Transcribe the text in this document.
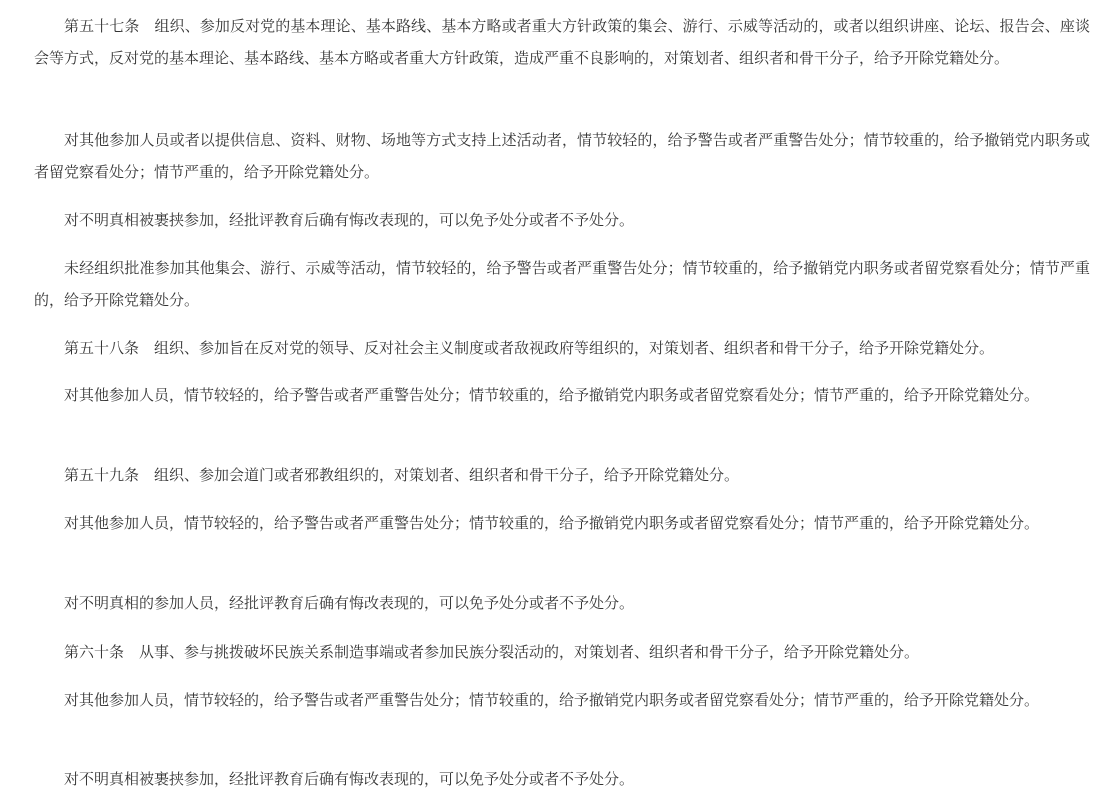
第五十七条　组织、参加反对党的基本理论、基本路线、基本方略或者重大方针政策的集会、游行、示威等活动的，或者以组织讲座、论坛、报告会、座谈会等方式，反对党的基本理论、基本路线、基本方略或者重大方针政策，造成严重不良影响的，对策划者、组织者和骨干分子，给予开除党籍处分。

对其他参加人员或者以提供信息、资料、财物、场地等方式支持上述活动者，情节较轻的，给予警告或者严重警告处分；情节较重的，给予撤销党内职务或者留党察看处分；情节严重的，给予开除党籍处分。

对不明真相被裹挟参加，经批评教育后确有悔改表现的，可以免予处分或者不予处分。

未经组织批准参加其他集会、游行、示威等活动，情节较轻的，给予警告或者严重警告处分；情节较重的，给予撤销党内职务或者留党察看处分；情节严重的，给予开除党籍处分。

第五十八条　组织、参加旨在反对党的领导、反对社会主义制度或者敌视政府等组织的，对策划者、组织者和骨干分子，给予开除党籍处分。

对其他参加人员，情节较轻的，给予警告或者严重警告处分；情节较重的，给予撤销党内职务或者留党察看处分；情节严重的，给予开除党籍处分。

第五十九条　组织、参加会道门或者邪教组织的，对策划者、组织者和骨干分子，给予开除党籍处分。

对其他参加人员，情节较轻的，给予警告或者严重警告处分；情节较重的，给予撤销党内职务或者留党察看处分；情节严重的，给予开除党籍处分。

对不明真相的参加人员，经批评教育后确有悔改表现的，可以免予处分或者不予处分。

第六十条　从事、参与挑拨破坏民族关系制造事端或者参加民族分裂活动的，对策划者、组织者和骨干分子，给予开除党籍处分。

对其他参加人员，情节较轻的，给予警告或者严重警告处分；情节较重的，给予撤销党内职务或者留党察看处分；情节严重的，给予开除党籍处分。

对不明真相被裹挟参加，经批评教育后确有悔改表现的，可以免予处分或者不予处分。
